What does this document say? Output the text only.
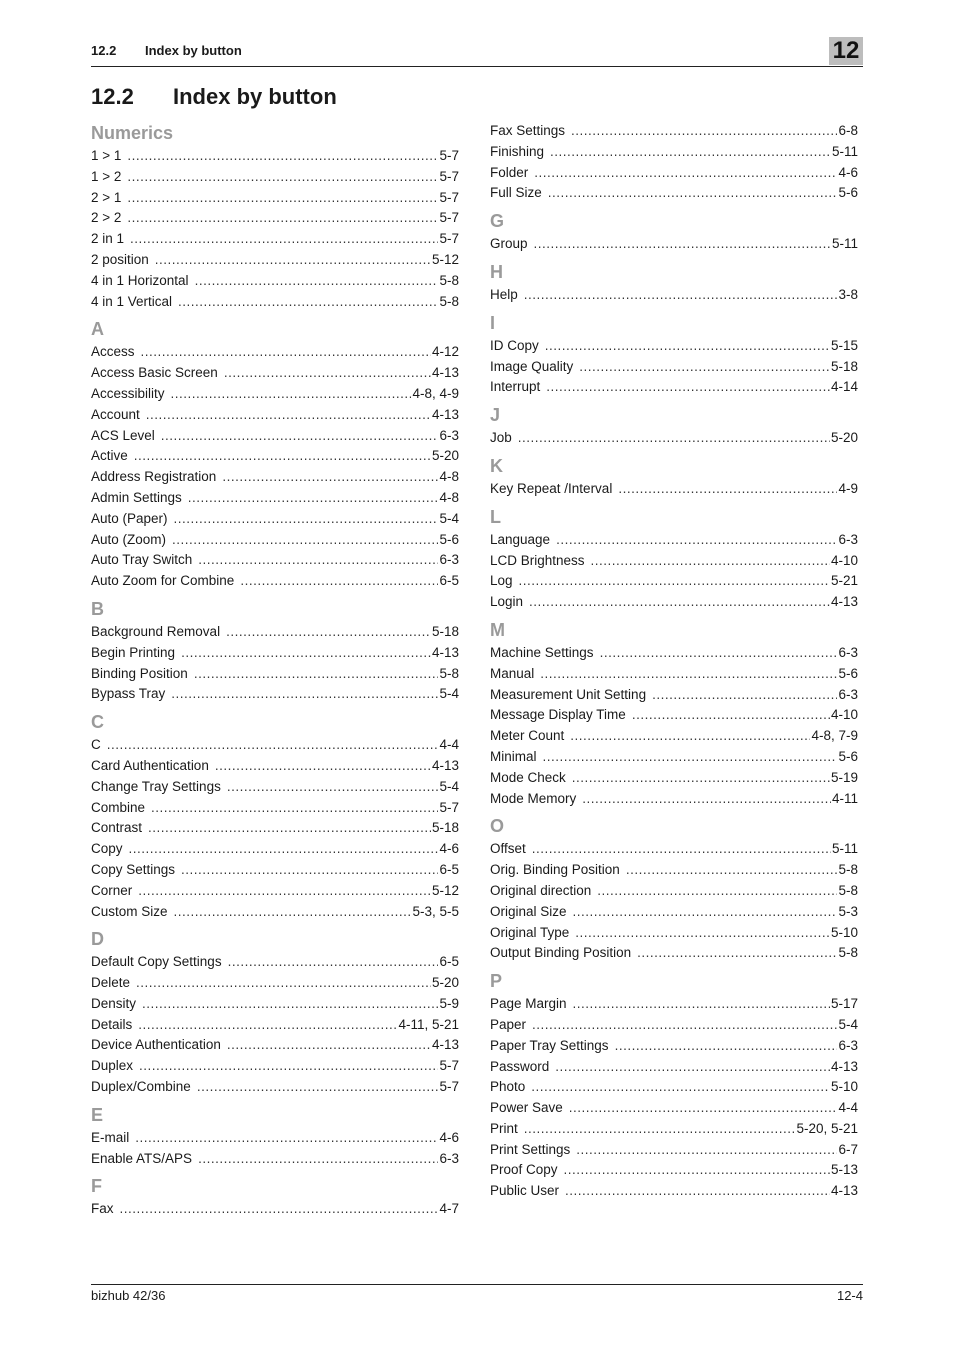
12.2 Index by button	12
12.2 Index by button
Numerics
1 > 1 .....	5-7
1 > 2 .....	5-7
2 > 1 .....	5-7
2 > 2 .....	5-7
2 in 1 .....	5-7
2 position .....	5-12
4 in 1 Horizontal .....	5-8
4 in 1 Vertical .....	5-8
A
Access .....	4-12
Access Basic Screen .....	4-13
Accessibility .....	4-8, 4-9
Account .....	4-13
ACS Level .....	6-3
Active .....	5-20
Address Registration .....	4-8
Admin Settings .....	4-8
Auto (Paper) .....	5-4
Auto (Zoom) .....	5-6
Auto Tray Switch .....	6-3
Auto Zoom for Combine .....	6-5
B
Background Removal .....	5-18
Begin Printing .....	4-13
Binding Position .....	5-8
Bypass Tray .....	5-4
C
C .....	4-4
Card Authentication .....	4-13
Change Tray Settings .....	5-4
Combine .....	5-7
Contrast .....	5-18
Copy .....	4-6
Copy Settings .....	6-5
Corner .....	5-12
Custom Size .....	5-3, 5-5
D
Default Copy Settings .....	6-5
Delete .....	5-20
Density .....	5-9
Details .....	4-11, 5-21
Device Authentication .....	4-13
Duplex .....	5-7
Duplex/Combine .....	5-7
E
E-mail .....	4-6
Enable ATS/APS .....	6-3
F
Fax .....	4-7
Fax Settings .....	6-8
Finishing .....	5-11
Folder .....	4-6
Full Size .....	5-6
G
Group .....	5-11
H
Help .....	3-8
I
ID Copy .....	5-15
Image Quality .....	5-18
Interrupt .....	4-14
J
Job .....	5-20
K
Key Repeat /Interval .....	4-9
L
Language .....	6-3
LCD Brightness .....	4-10
Log .....	5-21
Login .....	4-13
M
Machine Settings .....	6-3
Manual .....	5-6
Measurement Unit Setting .....	6-3
Message Display Time .....	4-10
Meter Count .....	4-8, 7-9
Minimal .....	5-6
Mode Check .....	5-19
Mode Memory .....	4-11
O
Offset .....	5-11
Orig. Binding Position .....	5-8
Original direction .....	5-8
Original Size .....	5-3
Original Type .....	5-10
Output Binding Position .....	5-8
P
Page Margin .....	5-17
Paper .....	5-4
Paper Tray Settings .....	6-3
Password .....	4-13
Photo .....	5-10
Power Save .....	4-4
Print .....	5-20, 5-21
Print Settings .....	6-7
Proof Copy .....	5-13
Public User .....	4-13
bizhub 42/36	12-4
